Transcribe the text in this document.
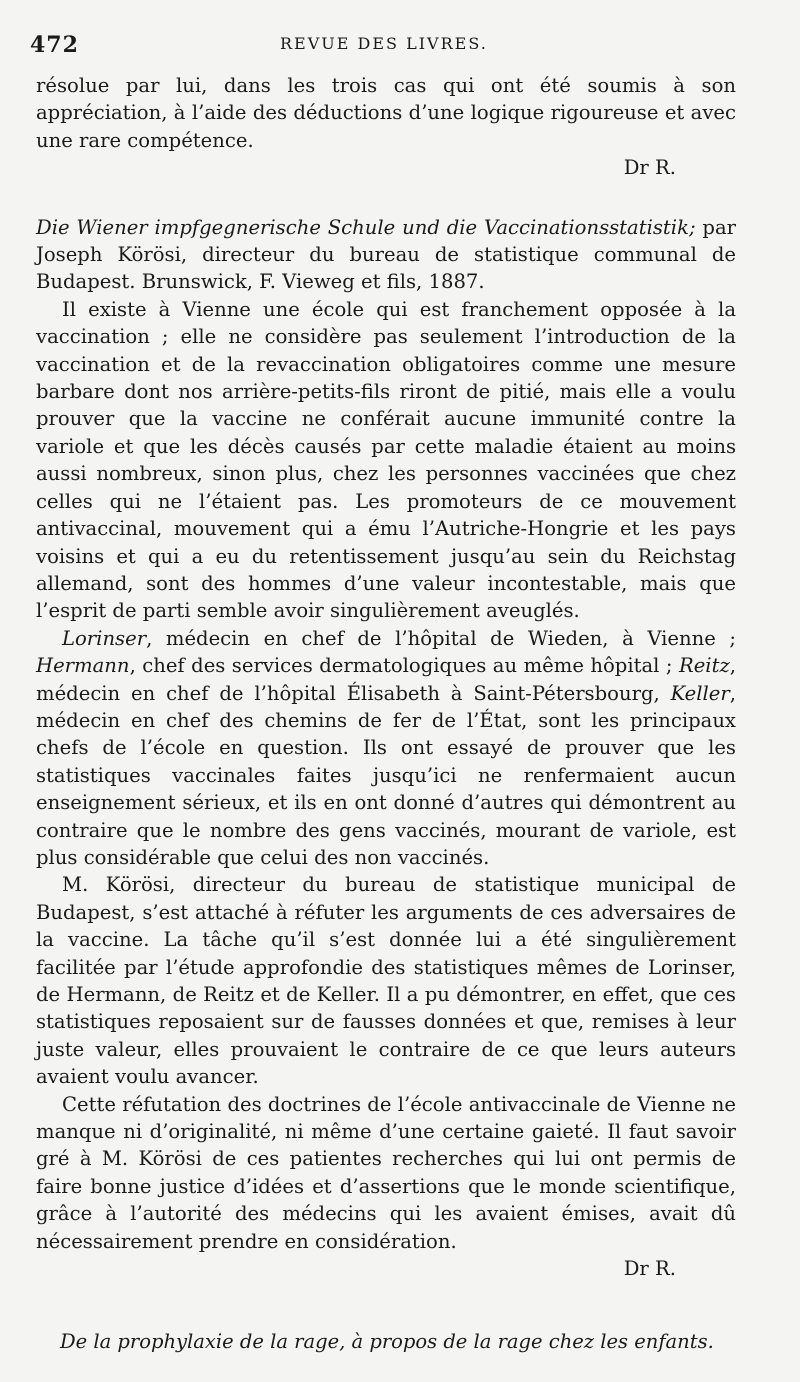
472	REVUE DES LIVRES.

résolue par lui, dans les trois cas qui ont été soumis à son appréciation, à l’aide des déductions d’une logique rigoureuse et avec une rare compétence.
Dr R.

Die Wiener impfgegnerische Schule und die Vaccinationsstatistik; par Joseph Körösi, directeur du bureau de statistique communal de Budapest. Brunswick, F. Vieweg et fils, 1887.

Il existe à Vienne une école qui est franchement opposée à la vaccination ; elle ne considère pas seulement l’introduction de la vaccination et de la revaccination obligatoires comme une mesure barbare dont nos arrière-petits-fils riront de pitié, mais elle a voulu prouver que la vaccine ne conférait aucune immunité contre la variole et que les décès causés par cette maladie étaient au moins aussi nombreux, sinon plus, chez les personnes vaccinées que chez celles qui ne l’étaient pas. Les promoteurs de ce mouvement antivaccinal, mouvement qui a ému l’Autriche-Hongrie et les pays voisins et qui a eu du retentissement jusqu’au sein du Reichstag allemand, sont des hommes d’une valeur incontestable, mais que l’esprit de parti semble avoir singulièrement aveuglés.

Lorinser, médecin en chef de l’hôpital de Wieden, à Vienne ; Hermann, chef des services dermatologiques au même hôpital ; Reitz, médecin en chef de l’hôpital Élisabeth à Saint-Pétersbourg, Keller, médecin en chef des chemins de fer de l’État, sont les principaux chefs de l’école en question. Ils ont essayé de prouver que les statistiques vaccinales faites jusqu’ici ne renfermaient aucun enseignement sérieux, et ils en ont donné d’autres qui démontrent au contraire que le nombre des gens vaccinés, mourant de variole, est plus considérable que celui des non vaccinés.

M. Körösi, directeur du bureau de statistique municipal de Budapest, s’est attaché à réfuter les arguments de ces adversaires de la vaccine. La tâche qu’il s’est donnée lui a été singulièrement facilitée par l’étude approfondie des statistiques mêmes de Lorinser, de Hermann, de Reitz et de Keller. Il a pu démontrer, en effet, que ces statistiques reposaient sur de fausses données et que, remises à leur juste valeur, elles prouvaient le contraire de ce que leurs auteurs avaient voulu avancer.

Cette réfutation des doctrines de l’école antivaccinale de Vienne ne manque ni d’originalité, ni même d’une certaine gaieté. Il faut savoir gré à M. Körösi de ces patientes recherches qui lui ont permis de faire bonne justice d’idées et d’assertions que le monde scientifique, grâce à l’autorité des médecins qui les avaient émises, avait dû nécessairement prendre en considération.
Dr R.

De la prophylaxie de la rage, à propos de la rage chez les enfants.
